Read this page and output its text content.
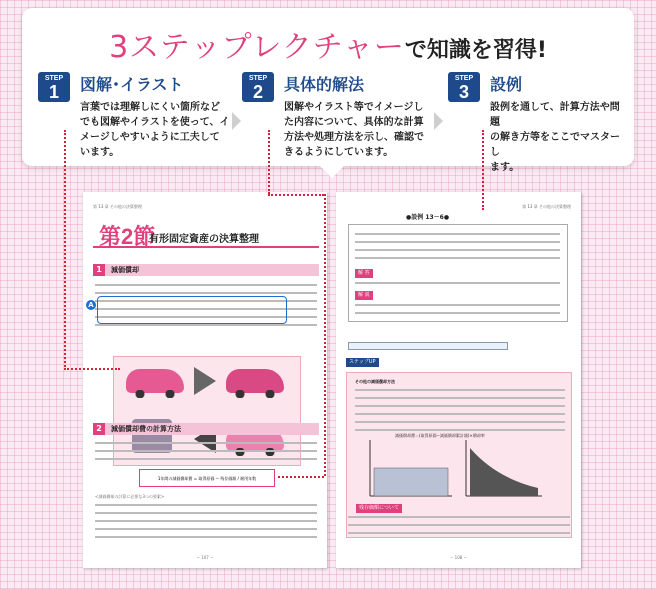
3ステップレクチャーで知識を習得!
STEP
1	図解･イラスト
言葉では理解しにくい箇所など
でも図解やイラストを使って、イ
メージしやすいように工夫して
います。
STEP
2	具体的解法
図解やイラスト等でイメージし
た内容について、具体的な計算
方法や処理方法を示し、確認で
きるようにしています。
STEP
3	設例
設例を通して、計算方法や問題
の解き方等をここでマスターし
ます。
第 13 章 その他の決算整理
第2節
有形固定資産の決算整理
1	減価償却
A
2	減価償却費の計算方法
1年間の減価償却費 = 取得原価 − 残存価額 / 耐用年数
<減価償却の計算に必要な3つの要素>
− 107 −
第 13 章 その他の決算整理
●設例 13－6●
解 答
解 説
ステップUP
その他の減価償却方法
減価償却費＝(取得原価−減価償却累計額)×償却率
残存価額について
− 108 −
